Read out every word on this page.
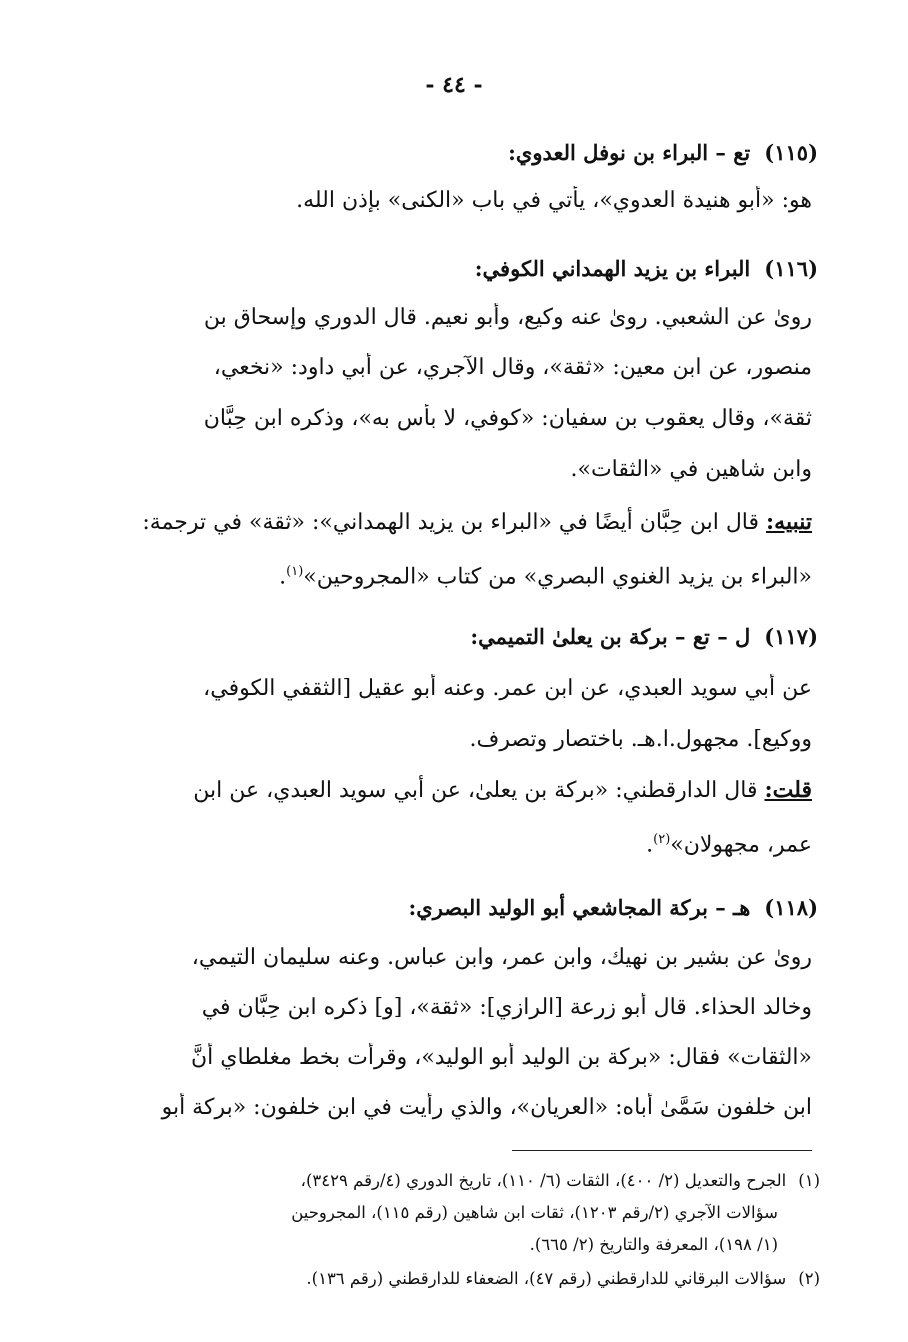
- ٤٤ -
(١١٥)تع – البراء بن نوفل العدوي:
هو: «أبو هنيدة العدوي»، يأتي في باب «الكنى» بإذن الله.
(١١٦)البراء بن يزيد الهمداني الكوفي:
روىٰ عن الشعبي. روىٰ عنه وكيع، وأبو نعيم. قال الدوري وإسحاق بن
منصور، عن ابن معين: «ثقة»، وقال الآجري، عن أبي داود: «نخعي،
ثقة»، وقال يعقوب بن سفيان: «كوفي، لا بأس به»، وذكره ابن حِبَّان
وابن شاهين في «الثقات».
تنبيه: قال ابن حِبَّان أيضًا في «البراء بن يزيد الهمداني»: «ثقة» في ترجمة:
«البراء بن يزيد الغنوي البصري» من كتاب «المجروحين»$^{(١)}$.
(١١٧)ل – تع – بركة بن يعلىٰ التميمي:
عن أبي سويد العبدي، عن ابن عمر. وعنه أبو عقيل [الثقفي الكوفي،
ووكيع]. مجهول.ا.هـ. باختصار وتصرف.
قلت: قال الدارقطني: «بركة بن يعلىٰ، عن أبي سويد العبدي، عن ابن
عمر، مجهولان»$^{(٢)}$.
(١١٨)هـ – بركة المجاشعي أبو الوليد البصري:
روىٰ عن بشير بن نهيك، وابن عمر، وابن عباس. وعنه سليمان التيمي،
وخالد الحذاء. قال أبو زرعة [الرازي]: «ثقة»، [و] ذكره ابن حِبَّان في
«الثقات» فقال: «بركة بن الوليد أبو الوليد»، وقرأت بخط مغلطاي أنَّ
ابن خلفون سَمَّىٰ أباه: «العريان»، والذي رأيت في ابن خلفون: «بركة أبو
(١)الجرح والتعديل (٢/ ٤٠٠)، الثقات (٦/ ١١٠)، تاريخ الدوري (٤/رقم ٣٤٢٩)،
سؤالات الآجري (٢/رقم ١٢٠٣)، ثقات ابن شاهين (رقم ١١٥)، المجروحين
(١/ ١٩٨)، المعرفة والتاريخ (٢/ ٦٦٥).
(٢)سؤالات البرقاني للدارقطني (رقم ٤٧)، الضعفاء للدارقطني (رقم ١٣٦).
